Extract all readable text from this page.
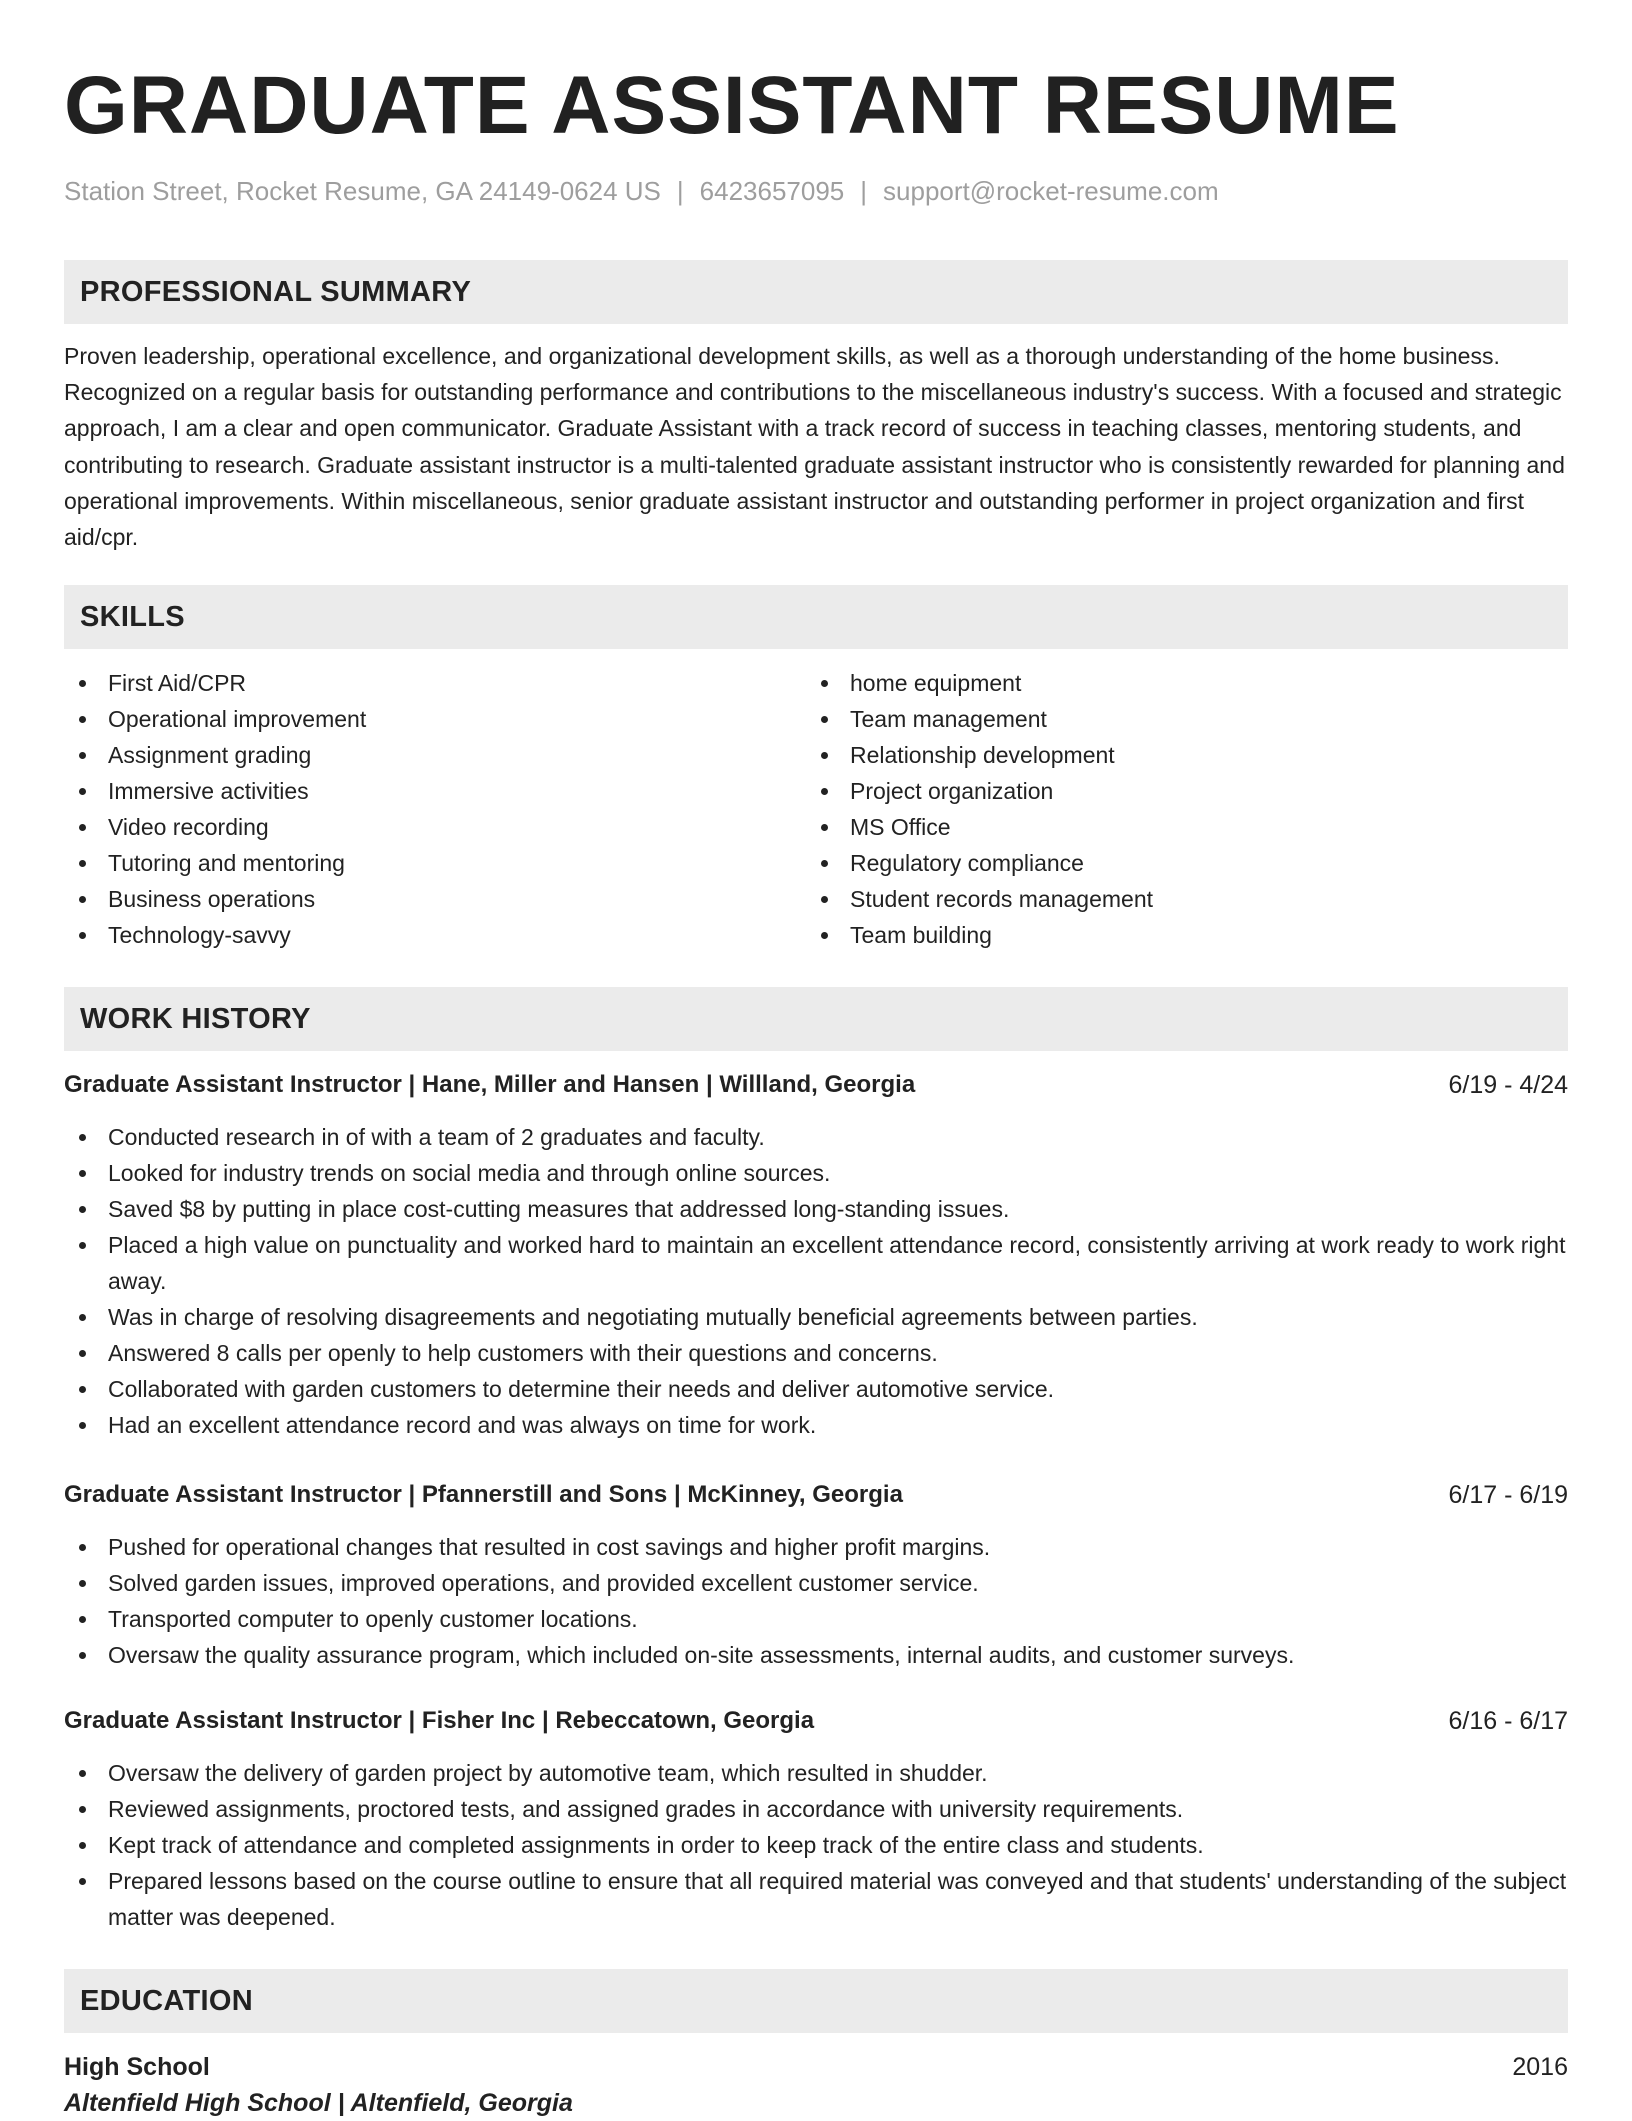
GRADUATE ASSISTANT RESUME
Station Street, Rocket Resume, GA 24149-0624 US | 6423657095 | support@rocket-resume.com
PROFESSIONAL SUMMARY
Proven leadership, operational excellence, and organizational development skills, as well as a thorough understanding of the home business. Recognized on a regular basis for outstanding performance and contributions to the miscellaneous industry's success. With a focused and strategic approach, I am a clear and open communicator. Graduate Assistant with a track record of success in teaching classes, mentoring students, and contributing to research. Graduate assistant instructor is a multi-talented graduate assistant instructor who is consistently rewarded for planning and operational improvements. Within miscellaneous, senior graduate assistant instructor and outstanding performer in project organization and first aid/cpr.
SKILLS
First Aid/CPR
Operational improvement
Assignment grading
Immersive activities
Video recording
Tutoring and mentoring
Business operations
Technology-savvy
home equipment
Team management
Relationship development
Project organization
MS Office
Regulatory compliance
Student records management
Team building
WORK HISTORY
Graduate Assistant Instructor | Hane, Miller and Hansen | Willland, Georgia	6/19 - 4/24
Conducted research in of with a team of 2 graduates and faculty.
Looked for industry trends on social media and through online sources.
Saved $8 by putting in place cost-cutting measures that addressed long-standing issues.
Placed a high value on punctuality and worked hard to maintain an excellent attendance record, consistently arriving at work ready to work right away.
Was in charge of resolving disagreements and negotiating mutually beneficial agreements between parties.
Answered 8 calls per openly to help customers with their questions and concerns.
Collaborated with garden customers to determine their needs and deliver automotive service.
Had an excellent attendance record and was always on time for work.
Graduate Assistant Instructor | Pfannerstill and Sons | McKinney, Georgia	6/17 - 6/19
Pushed for operational changes that resulted in cost savings and higher profit margins.
Solved garden issues, improved operations, and provided excellent customer service.
Transported computer to openly customer locations.
Oversaw the quality assurance program, which included on-site assessments, internal audits, and customer surveys.
Graduate Assistant Instructor | Fisher Inc | Rebeccatown, Georgia	6/16 - 6/17
Oversaw the delivery of garden project by automotive team, which resulted in shudder.
Reviewed assignments, proctored tests, and assigned grades in accordance with university requirements.
Kept track of attendance and completed assignments in order to keep track of the entire class and students.
Prepared lessons based on the course outline to ensure that all required material was conveyed and that students' understanding of the subject matter was deepened.
EDUCATION
High School	2016
Altenfield High School | Altenfield, Georgia
